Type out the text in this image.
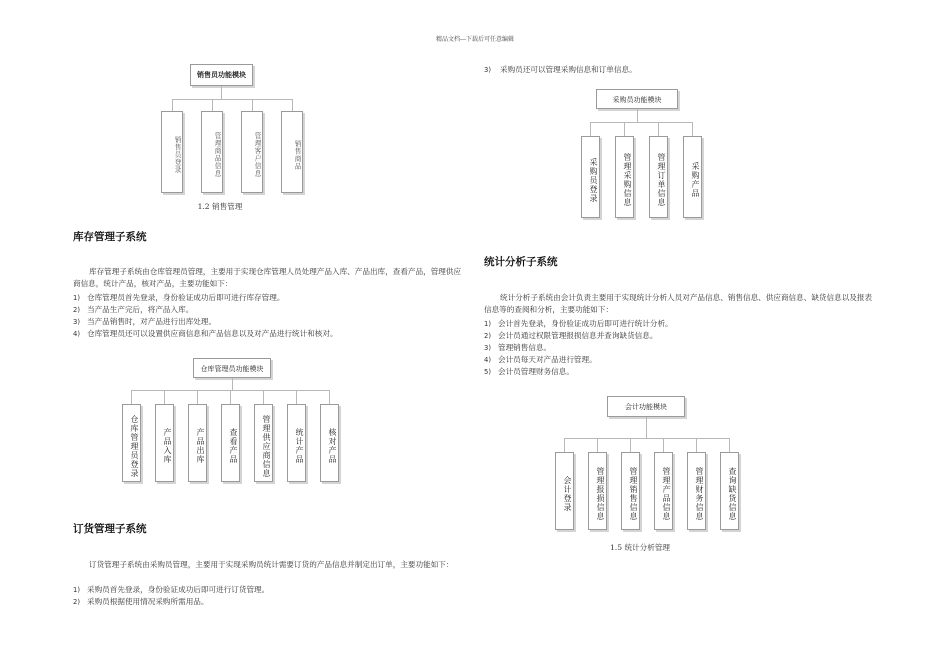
精品文档---下载后可任意编辑
销售员功能模块
销售员登录	管理商品信息	管理客户信息	销售商品
1.2 销售管理
库存管理子系统
库存管理子系统由仓库管理员管理，主要用于实现仓库管理人员处理产品入库、产品出库，查看产品，管理供应商信息，统计产品，核对产品，主要功能如下：
1) 仓库管理员首先登录，身份验证成功后即可进行库存管理。
2) 当产品生产完后，将产品入库。
3) 当产品销售时，对产品进行出库处理。
4) 仓库管理员还可以设置供应商信息和产品信息以及对产品进行统计和核对。
仓库管理员功能模块
仓库管理员登录	产品入库	产品出库	查看产品	管理供应商信息	统计产品	核对产品
订货管理子系统
订货管理子系统由采购员管理，主要用于实现采购员统计需要订货的产品信息并制定出订单，主要功能如下：
1) 采购员首先登录，身份验证成功后即可进行订货管理。
2) 采购员根据使用情况采购所需用品。
3) 采购员还可以管理采购信息和订单信息。
采购员功能模块
采购员登录	管理采购信息	管理订单信息	采购产品
统计分析子系统
统计分析子系统由会计负责主要用于实现统计分析人员对产品信息、销售信息、供应商信息、缺货信息以及报表信息等的查阅和分析，主要功能如下：
1) 会计首先登录，身份验证成功后即可进行统计分析。
2) 会计员通过权限管理报损信息并查询缺货信息。
3) 管理销售信息。
4) 会计员每天对产品进行管理。
5) 会计员管理财务信息。
会计功能模块
会计登录	管理报损信息	管理销售信息	管理产品信息	管理财务信息	查询缺货信息
1.5 统计分析管理
